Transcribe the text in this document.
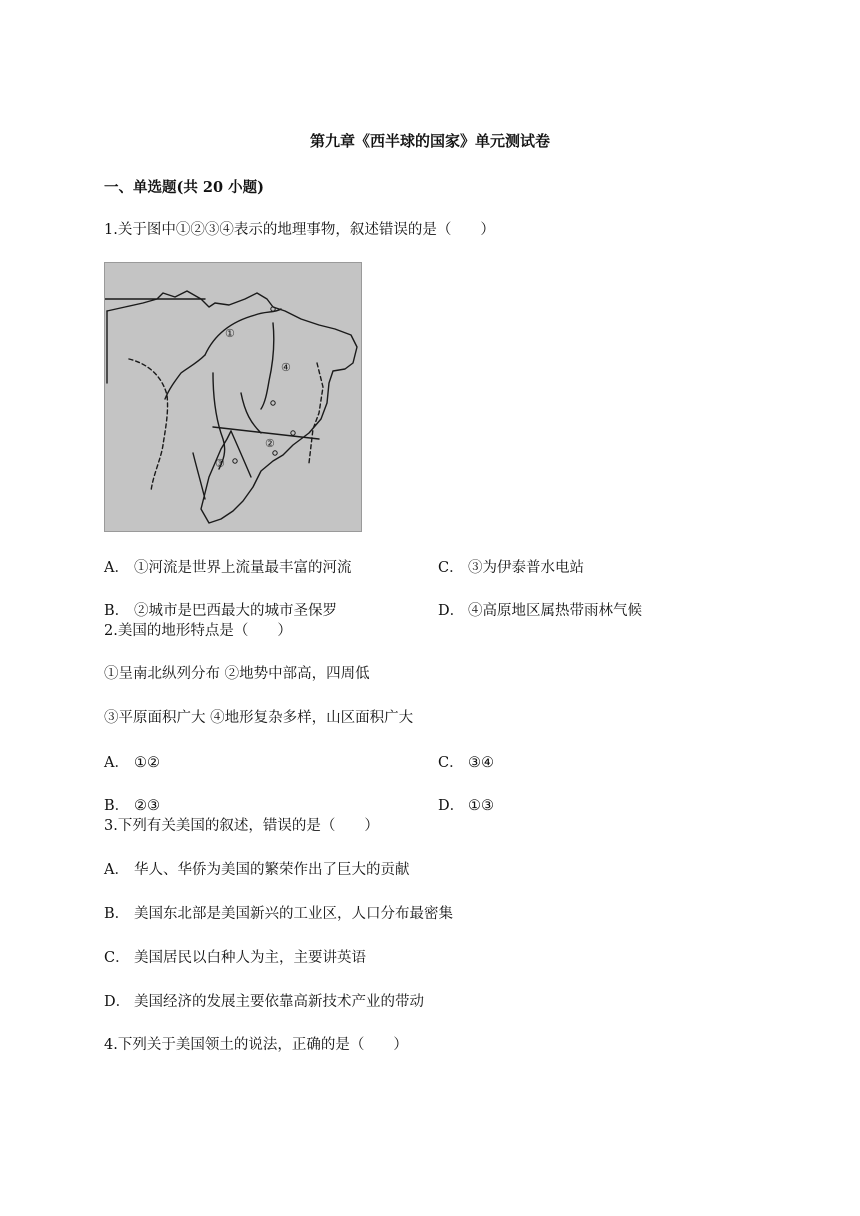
第九章《西半球的国家》单元测试卷
一、单选题(共 20 小题)
1.关于图中①②③④表示的地理事物，叙述错误的是（　　）
①
②
③
④
A． ①河流是世界上流量最丰富的河流	C． ③为伊泰普水电站
B． ②城市是巴西最大的城市圣保罗	D． ④高原地区属热带雨林气候
2.美国的地形特点是（　　）
①呈南北纵列分布 ②地势中部高，四周低
③平原面积广大 ④地形复杂多样，山区面积广大
A． ①②	C． ③④
B． ②③	D． ①③
3.下列有关美国的叙述，错误的是（　　）
A． 华人、华侨为美国的繁荣作出了巨大的贡献
B． 美国东北部是美国新兴的工业区，人口分布最密集
C． 美国居民以白种人为主，主要讲英语
D． 美国经济的发展主要依靠高新技术产业的带动
4.下列关于美国领土的说法，正确的是（　　）
